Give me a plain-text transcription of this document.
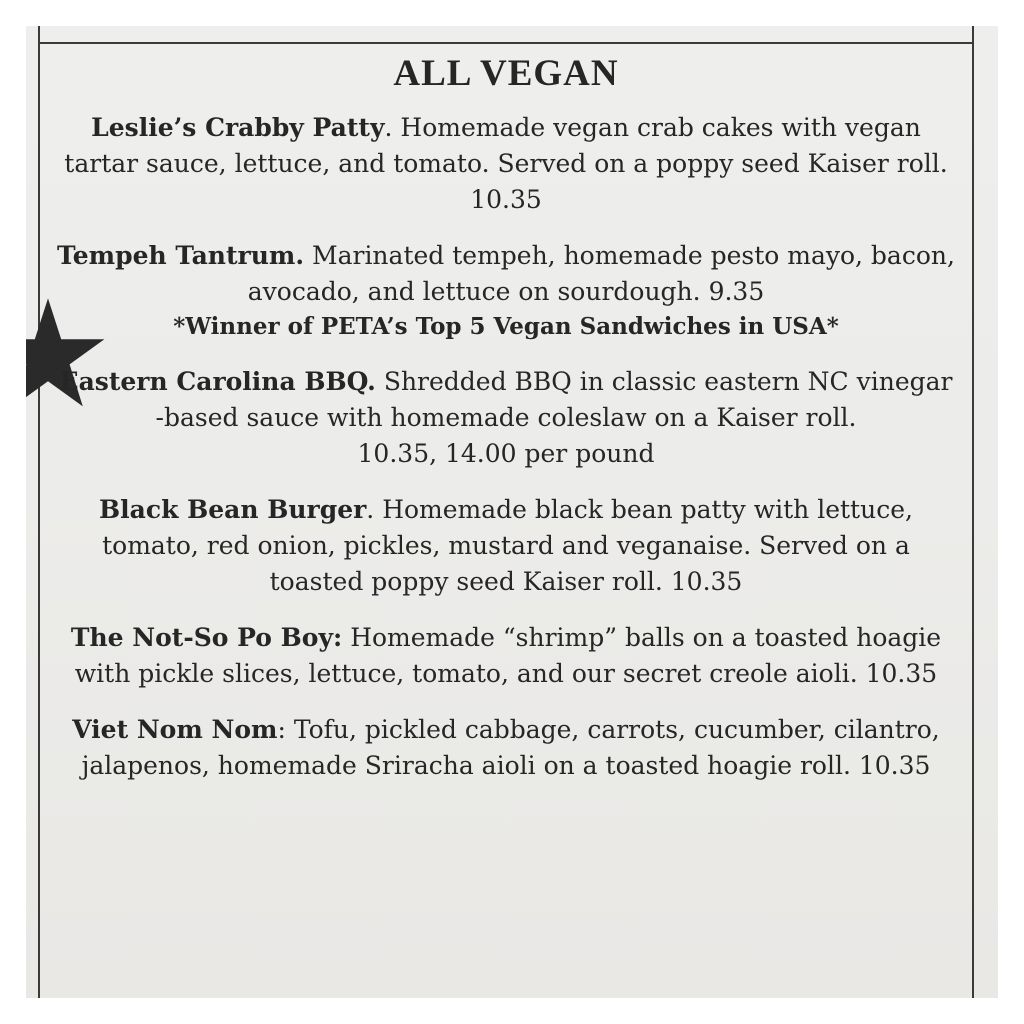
ALL VEGAN
Leslie’s Crabby Patty. Homemade vegan crab cakes with vegan tartar sauce, lettuce, and tomato. Served on a poppy seed Kaiser roll. 10.35
Tempeh Tantrum. Marinated tempeh, homemade pesto mayo, bacon, avocado, and lettuce on sourdough. 9.35
*Winner of PETA’s Top 5 Vegan Sandwiches in USA*
Eastern Carolina BBQ. Shredded BBQ in classic eastern NC vinegar -based sauce with homemade coleslaw on a Kaiser roll. 10.35, 14.00 per pound
Black Bean Burger. Homemade black bean patty with lettuce, tomato, red onion, pickles, mustard and veganaise. Served on a toasted poppy seed Kaiser roll. 10.35
The Not-So Po Boy: Homemade “shrimp” balls on a toasted hoagie with pickle slices, lettuce, tomato, and our secret creole aioli. 10.35
Viet Nom Nom: Tofu, pickled cabbage, carrots, cucumber, cilantro, jalapenos, homemade Sriracha aioli on a toasted hoagie roll. 10.35
